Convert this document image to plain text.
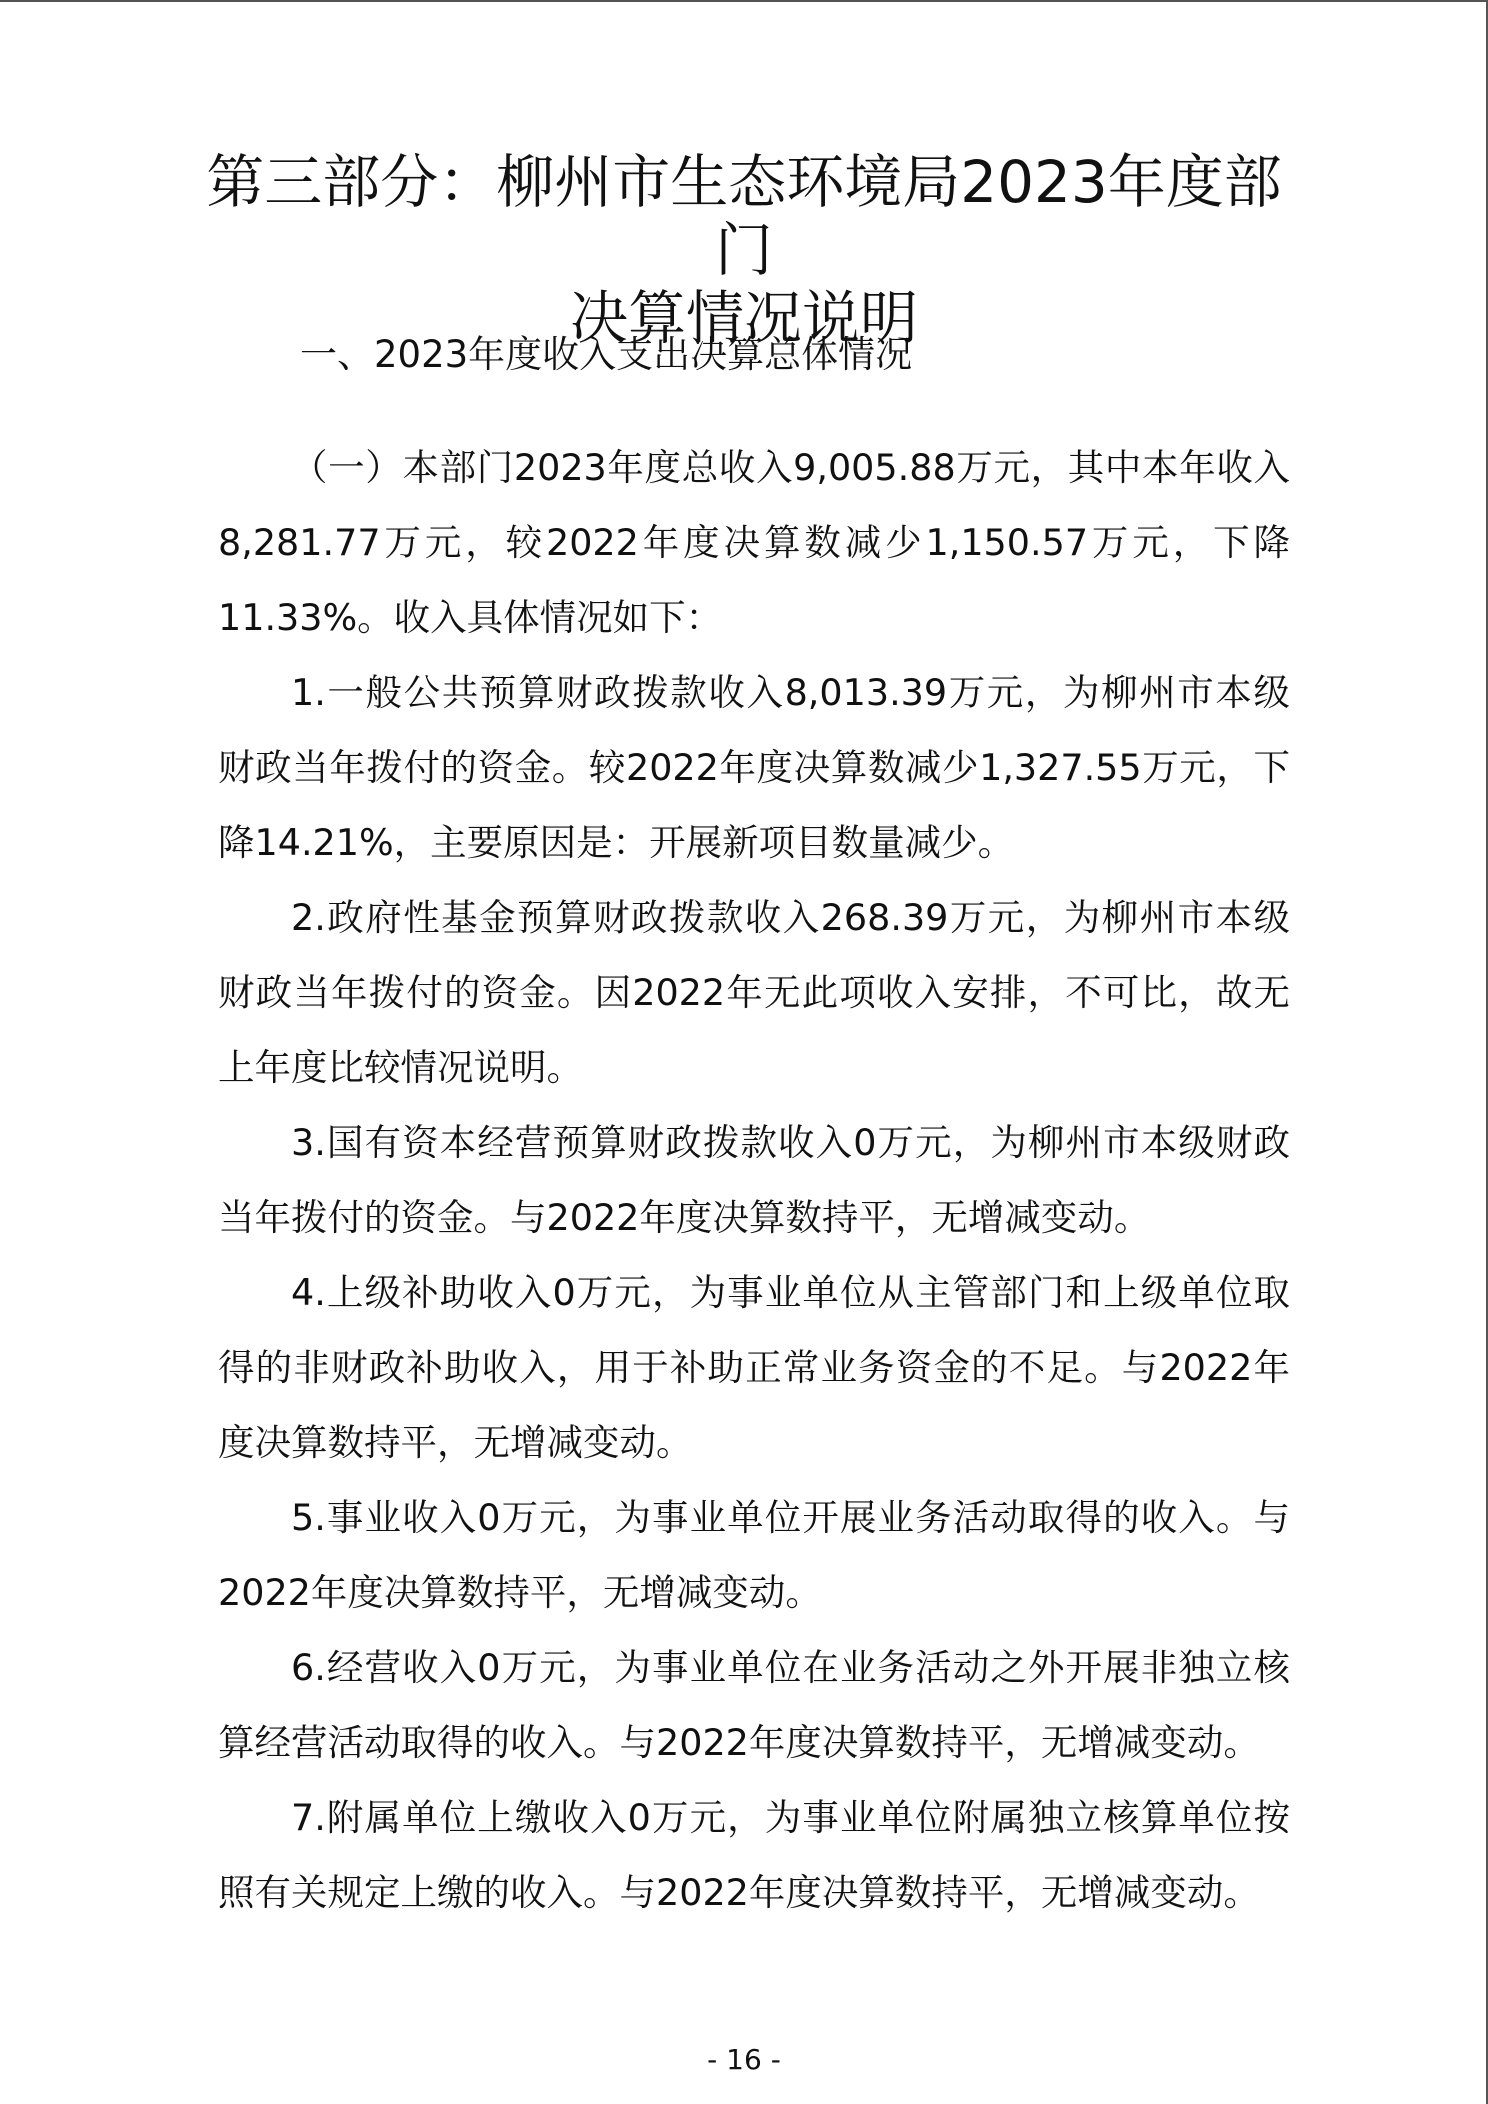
第三部分：柳州市生态环境局2023年度部门
决算情况说明
一、2023年度收入支出决算总体情况

（一）本部门2023年度总收入9,005.88万元，其中本年收入8,281.77万元，较2022年度决算数减少1,150.57万元，下降11.33%。收入具体情况如下：

1.一般公共预算财政拨款收入8,013.39万元，为柳州市本级财政当年拨付的资金。较2022年度决算数减少1,327.55万元，下降14.21%，主要原因是：开展新项目数量减少。

2.政府性基金预算财政拨款收入268.39万元，为柳州市本级财政当年拨付的资金。因2022年无此项收入安排，不可比，故无上年度比较情况说明。

3.国有资本经营预算财政拨款收入0万元，为柳州市本级财政当年拨付的资金。与2022年度决算数持平，无增减变动。

4.上级补助收入0万元，为事业单位从主管部门和上级单位取得的非财政补助收入，用于补助正常业务资金的不足。与2022年度决算数持平，无增减变动。

5.事业收入0万元，为事业单位开展业务活动取得的收入。与2022年度决算数持平，无增减变动。

6.经营收入0万元，为事业单位在业务活动之外开展非独立核算经营活动取得的收入。与2022年度决算数持平，无增减变动。

7.附属单位上缴收入0万元，为事业单位附属独立核算单位按照有关规定上缴的收入。与2022年度决算数持平，无增减变动。

- 16 -
